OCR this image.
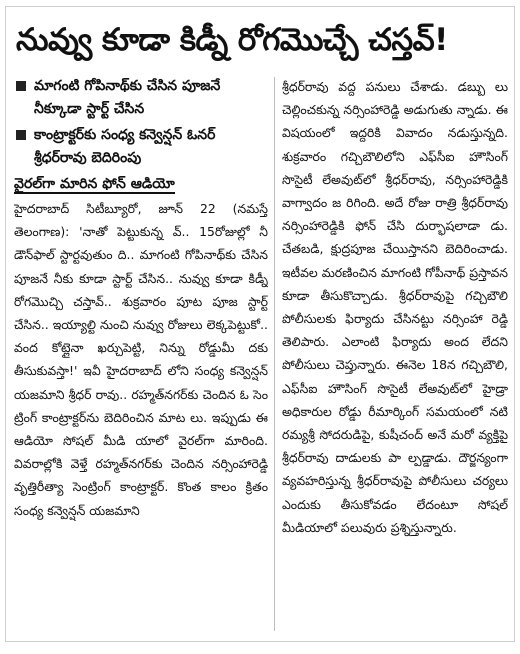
నువ్వు కూడా కిడ్నీ రోగమొచ్చే చస్తవ్!
మాగంటి గోపినాథ్‌కు చేసిన పూజనే నీక్కూడా స్టార్ట్ చేసిన
కాంట్రాక్టర్‌కు సంధ్య కన్వెన్షన్ ఓనర్ శ్రీధర్‌రావు బెదిరింపు
వైరల్‌గా మారిన ఫోన్ ఆడియో

హైదరాబాద్ సిటీబ్యూరో, జూన్ 22 (నమస్తే తెలంగాణ): 'నాతో పెట్టుకున్న వ్.. 15రోజుల్లో నీ డౌన్‌ఫాల్ స్టార్టవుతుం ది.. మాగంటి గోపినాథ్‌కు చేసిన పూజనే నీకు కూడా స్టార్ట్ చేసిన.. నువ్వు కూడా కిడ్నీ రోగమొచ్చి చస్తావ్.. శుక్రవారం పూట పూజ స్టార్ట్ చేసిన.. ఇయ్యాల్టి నుంచి నువ్వు రోజులు లెక్కపెట్టుకో.. వంద కోట్లైనా ఖర్చుపెట్టి, నిన్ను రోడ్డుమీ దకు తీసుకువస్తా!' ఇవీ హైదరాబాద్ లోని సంధ్య కన్వెన్షన్ యజమాని శ్రీధర్ రావు.. రహ్మత్‌నగర్‌కు చెందిన ఓ సెం ట్రింగ్ కాంట్రాక్టర్‌ను బెదిరించిన మాట లు. ఇప్పుడు ఈ ఆడియో సోషల్ మీడి యాలో వైరల్‌గా మారింది. వివరాల్లోకి వెళ్తే రహ్మత్‌నగర్‌కు చెందిన నర్సింహారెడ్డి వృత్తిరీత్యా సెంట్రింగ్ కాంట్రాక్టర్. కొంత కాలం క్రితం సంధ్య కన్వెన్షన్ యజమాని

శ్రీధర్‌రావు వద్ద పనులు చేశాడు. డబ్బు లు చెల్లించకున్న నర్సింహారెడ్డి అడుగుతు న్నాడు. ఈ విషయంలో ఇద్దరికి వివాదం నడుస్తున్నది. శుక్రవారం గచ్చిబౌలిలోని ఎఫ్‌సీఐ హౌసింగ్ సొసైటీ లేఅవుట్‌లో శ్రీధర్‌రావు, నర్సింహారెడ్డికి వాగ్వాదం జ రిగింది. అదే రోజు రాత్రి శ్రీధర్‌రావు నర్సింహారెడ్డికి ఫోన్ చేసి దుర్భాషలాడా డు. చేతబడి, క్షుద్రపూజ చేయిస్తానని బెదిరించాడు. ఇటీవల మరణించిన మాగంటి గోపీనాథ్ ప్రస్తావన కూడా తీసుకొచ్చాడు. శ్రీధర్‌రావుపై గచ్చిబౌలి పోలీసులకు ఫిర్యాదు చేసినట్టు నర్సింహా రెడ్డి తెలిపారు. ఎలాంటి ఫిర్యాదు అంద లేదని పోలీసులు చెప్తున్నారు. ఈనెల 18న గచ్చిబౌలి, ఎఫ్‌సీఐ హౌసింగ్ సొసైటీ లేఅవుట్‌లో హైడ్రా అధికారుల రోడ్డు రీమార్కింగ్ సమయంలో నటి రమ్యశ్రీ సోదరుడిపై, కుషీచంద్ అనే మరో వ్యక్తిపై శ్రీధర్‌రావు దాడులకు పా ల్పడ్డాడు. దౌర్జన్యంగా వ్యవహరిస్తున్న శ్రీధర్‌రావుపై పోలీసులు చర్యలు ఎందుకు తీసుకోవడం లేదంటూ సోషల్ మీడియాలో పలువురు ప్రశ్నిస్తున్నారు.
